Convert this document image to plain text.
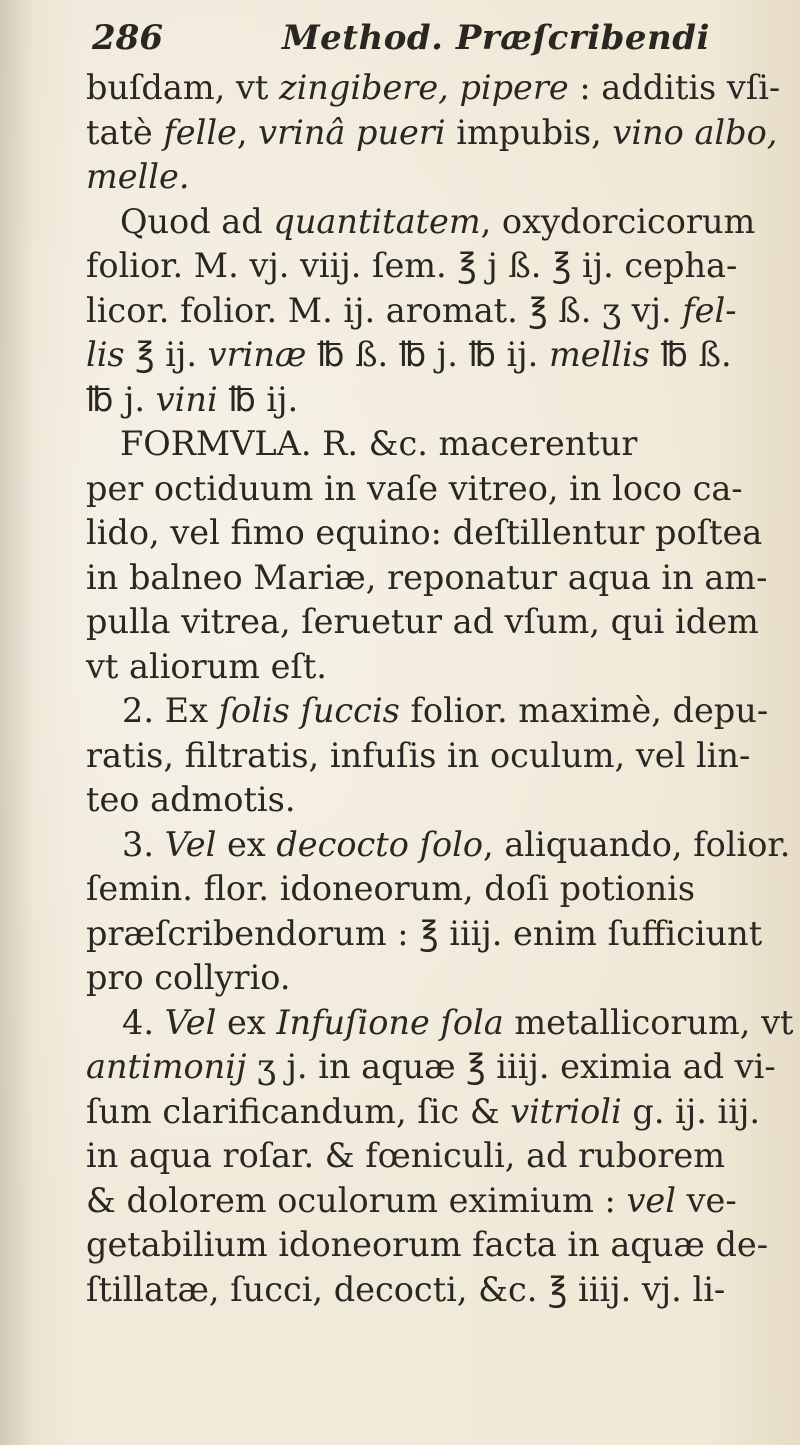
286	Method. Præſcribendi
buſdam, vt zingibere, pipere : additis vſi-
tatè felle, vrinâ pueri impubis, vino albo,
melle.
Quod ad quantitatem, oxydorcicorum
folior. M. vj. viij. ſem. ℥ j ß. ℥ ij. cepha-
licor. folior. M. ij. aromat. ℥ ß. ʒ vj. fel-
lis ℥ ij. vrinæ ℔ ß. ℔ j. ℔ ij. mellis ℔ ß.
℔ j. vini ℔ ij.
FORMVLA. R. &c. macerentur
per octiduum in vaſe vitreo, in loco ca-
lido, vel fimo equino: deſtillentur poſtea
in balneo Mariæ, reponatur aqua in am-
pulla vitrea, ſeruetur ad vſum, qui idem
vt aliorum eſt.
2. Ex ſolis ſuccis folior. maximè, depu-
ratis, filtratis, infuſis in oculum, vel lin-
teo admotis.
3. Vel ex decocto ſolo, aliquando, folior.
ſemin. flor. idoneorum, doſi potionis
præſcribendorum : ℥ iiij. enim ſufficiunt
pro collyrio.
4. Vel ex Infuſione ſola metallicorum, vt
antimonij ʒ j. in aquæ ℥ iiij. eximia ad vi-
ſum clarificandum, ſic & vitrioli g. ij. iij.
in aqua roſar. & fœniculi, ad ruborem
& dolorem oculorum eximium : vel ve-
getabilium idoneorum facta in aquæ de-
ſtillatæ, ſucci, decocti, &c. ℥ iiij. vj. li-
